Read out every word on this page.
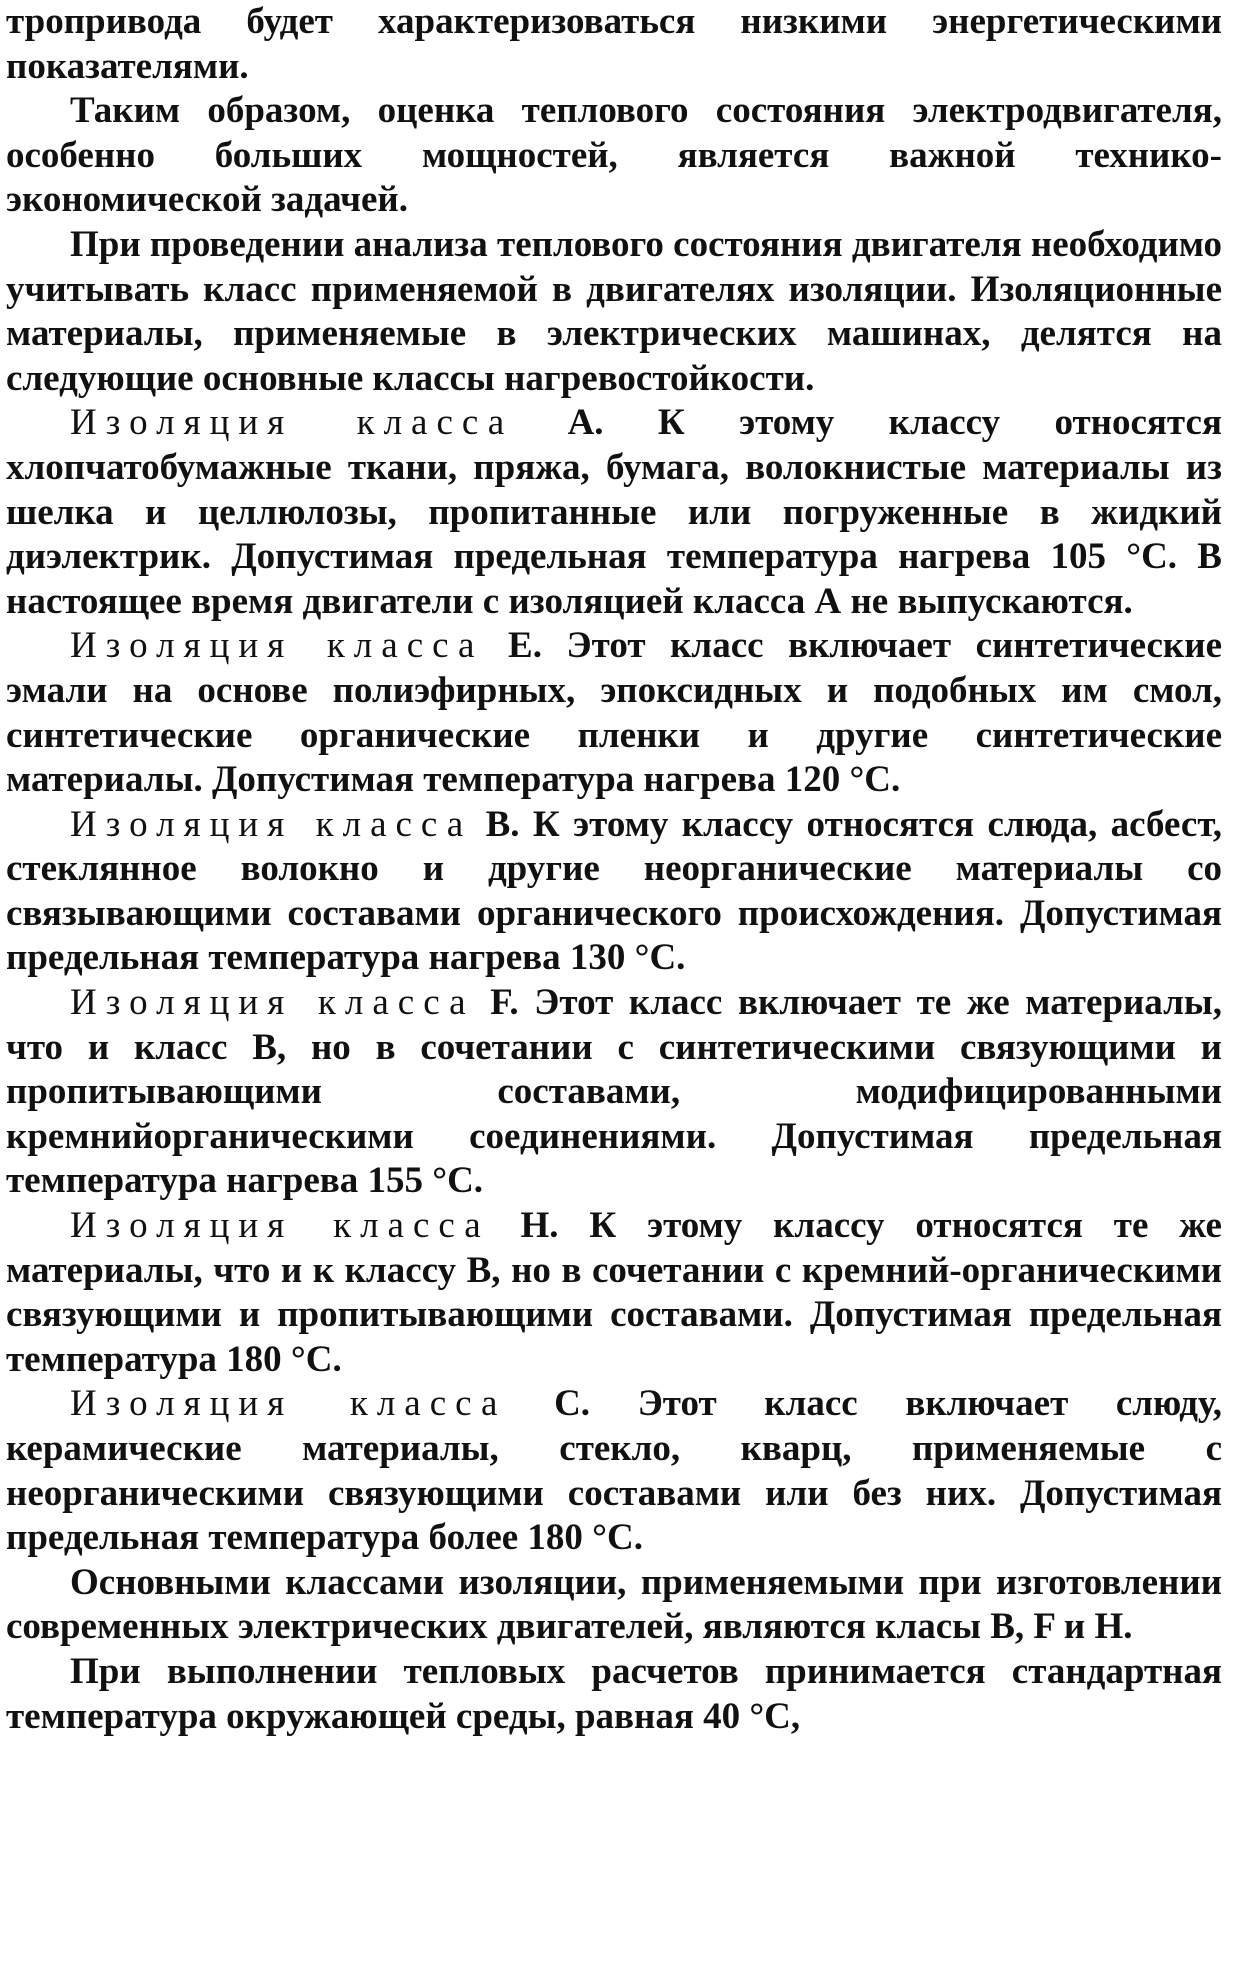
тропривода будет характеризоваться низкими энергетическими показателями.

Таким образом, оценка теплового состояния электродвигателя, особенно больших мощностей, является важной технико-экономической задачей.

При проведении анализа теплового состояния двигателя необходимо учитывать класс применяемой в двигателях изоляции. Изоляционные материалы, применяемые в электрических машинах, делятся на следующие основные классы нагревостойкости.

Изоляция класса А. К этому классу относятся хлопчатобумажные ткани, пряжа, бумага, волокнистые материалы из шелка и целлюлозы, пропитанные или погруженные в жидкий диэлектрик. Допустимая предельная температура нагрева 105 °С. В настоящее время двигатели с изоляцией класса А не выпускаются.

Изоляция класса Е. Этот класс включает синтетические эмали на основе полиэфирных, эпоксидных и подобных им смол, синтетические органические пленки и другие синтетические материалы. Допустимая температура нагрева 120 °С.

Изоляция класса В. К этому классу относятся слюда, асбест, стеклянное волокно и другие неорганические материалы со связывающими составами органического происхождения. Допустимая предельная температура нагрева 130 °С.

Изоляция класса F. Этот класс включает те же материалы, что и класс В, но в сочетании с синтетическими связующими и пропитывающими составами, модифицированными кремнийорганическими соединениями. Допустимая предельная температура нагрева 155 °С.

Изоляция класса Н. К этому классу относятся те же материалы, что и к классу В, но в сочетании с кремний-органическими связующими и пропитывающими составами. Допустимая предельная температура 180 °С.

Изоляция класса С. Этот класс включает слюду, керамические материалы, стекло, кварц, применяемые с неорганическими связующими составами или без них. Допустимая предельная температура более 180 °С.

Основными классами изоляции, применяемыми при изготовлении современных электрических двигателей, являются класы В, F и Н.

При выполнении тепловых расчетов принимается стандартная температура окружающей среды, равная 40 °С,
